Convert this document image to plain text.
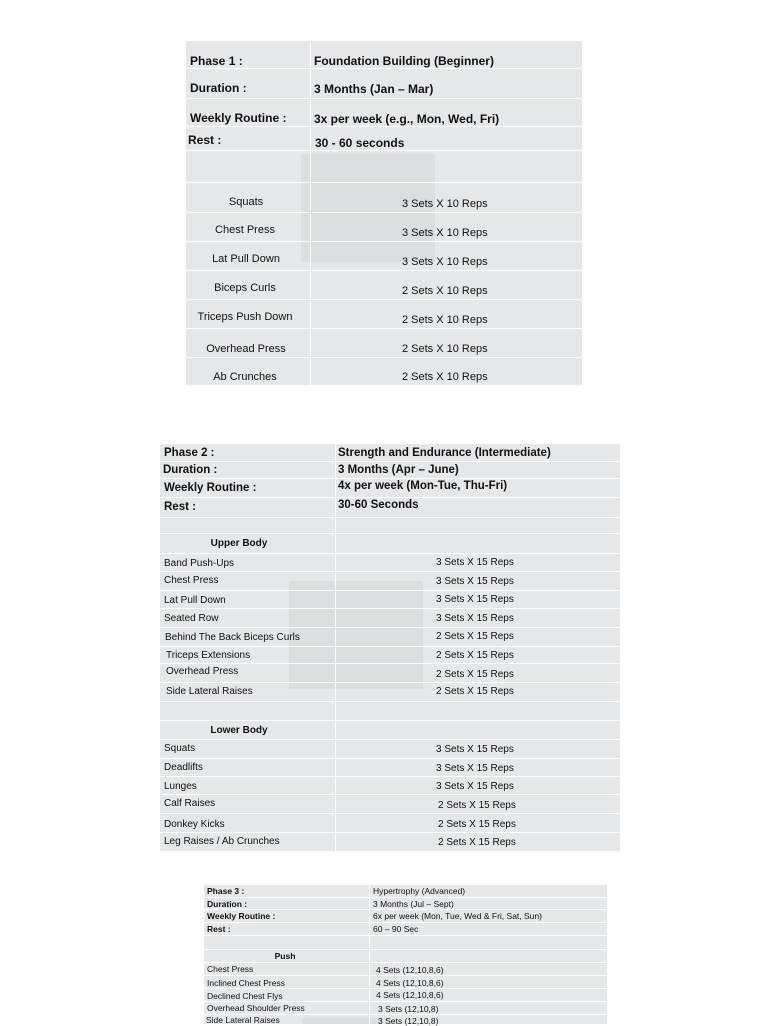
Phase 1 :	Foundation Building (Beginner)
Duration :	3 Months (Jan – Mar)
Weekly Routine : 3x per week (e.g., Mon, Wed, Fri)
Rest :	30 - 60 seconds
Squats	3 Sets X 10 Reps
Chest Press	3 Sets X 10 Reps
Lat Pull Down	3 Sets X 10 Reps
Biceps Curls	2 Sets X 10 Reps
Triceps Push Down	2 Sets X 10 Reps
Overhead Press	2 Sets X 10 Reps
Ab Crunches	2 Sets X 10 Reps
Phase 2 :	Strength and Endurance (Intermediate)
Duration :	3 Months (Apr – June)
Weekly Routine :	4x per week (Mon-Tue, Thu-Fri)
Rest :	30-60 Seconds
Upper Body
Band Push-Ups	3 Sets X 15 Reps
Chest Press	3 Sets X 15 Reps
Lat Pull Down	3 Sets X 15 Reps
Seated Row	3 Sets X 15 Reps
Behind The Back Biceps Curls	2 Sets X 15 Reps
Triceps Extensions	2 Sets X 15 Reps
Overhead Press	2 Sets X 15 Reps
Side Lateral Raises	2 Sets X 15 Reps
Lower Body
Squats	3 Sets X 15 Reps
Deadlifts	3 Sets X 15 Reps
Lunges	3 Sets X 15 Reps
Calf Raises	2 Sets X 15 Reps
Donkey Kicks	2 Sets X 15 Reps
Leg Raises / Ab Crunches	2 Sets X 15 Reps
Phase 3 :	Hypertrophy (Advanced)
Duration :	3 Months (Jul – Sept)
Weekly Routine :	6x per week (Mon, Tue, Wed & Fri, Sat, Sun)
Rest :	60 – 90 Sec
Push
Chest Press	4 Sets (12,10,8,6)
Inclined Chest Press	4 Sets (12,10,8,6)
Declined Chest Flys	4 Sets (12,10,8,6)
Overhead Shoulder Press	3 Sets (12,10,8)
Side Lateral Raises	3 Sets (12,10,8)
